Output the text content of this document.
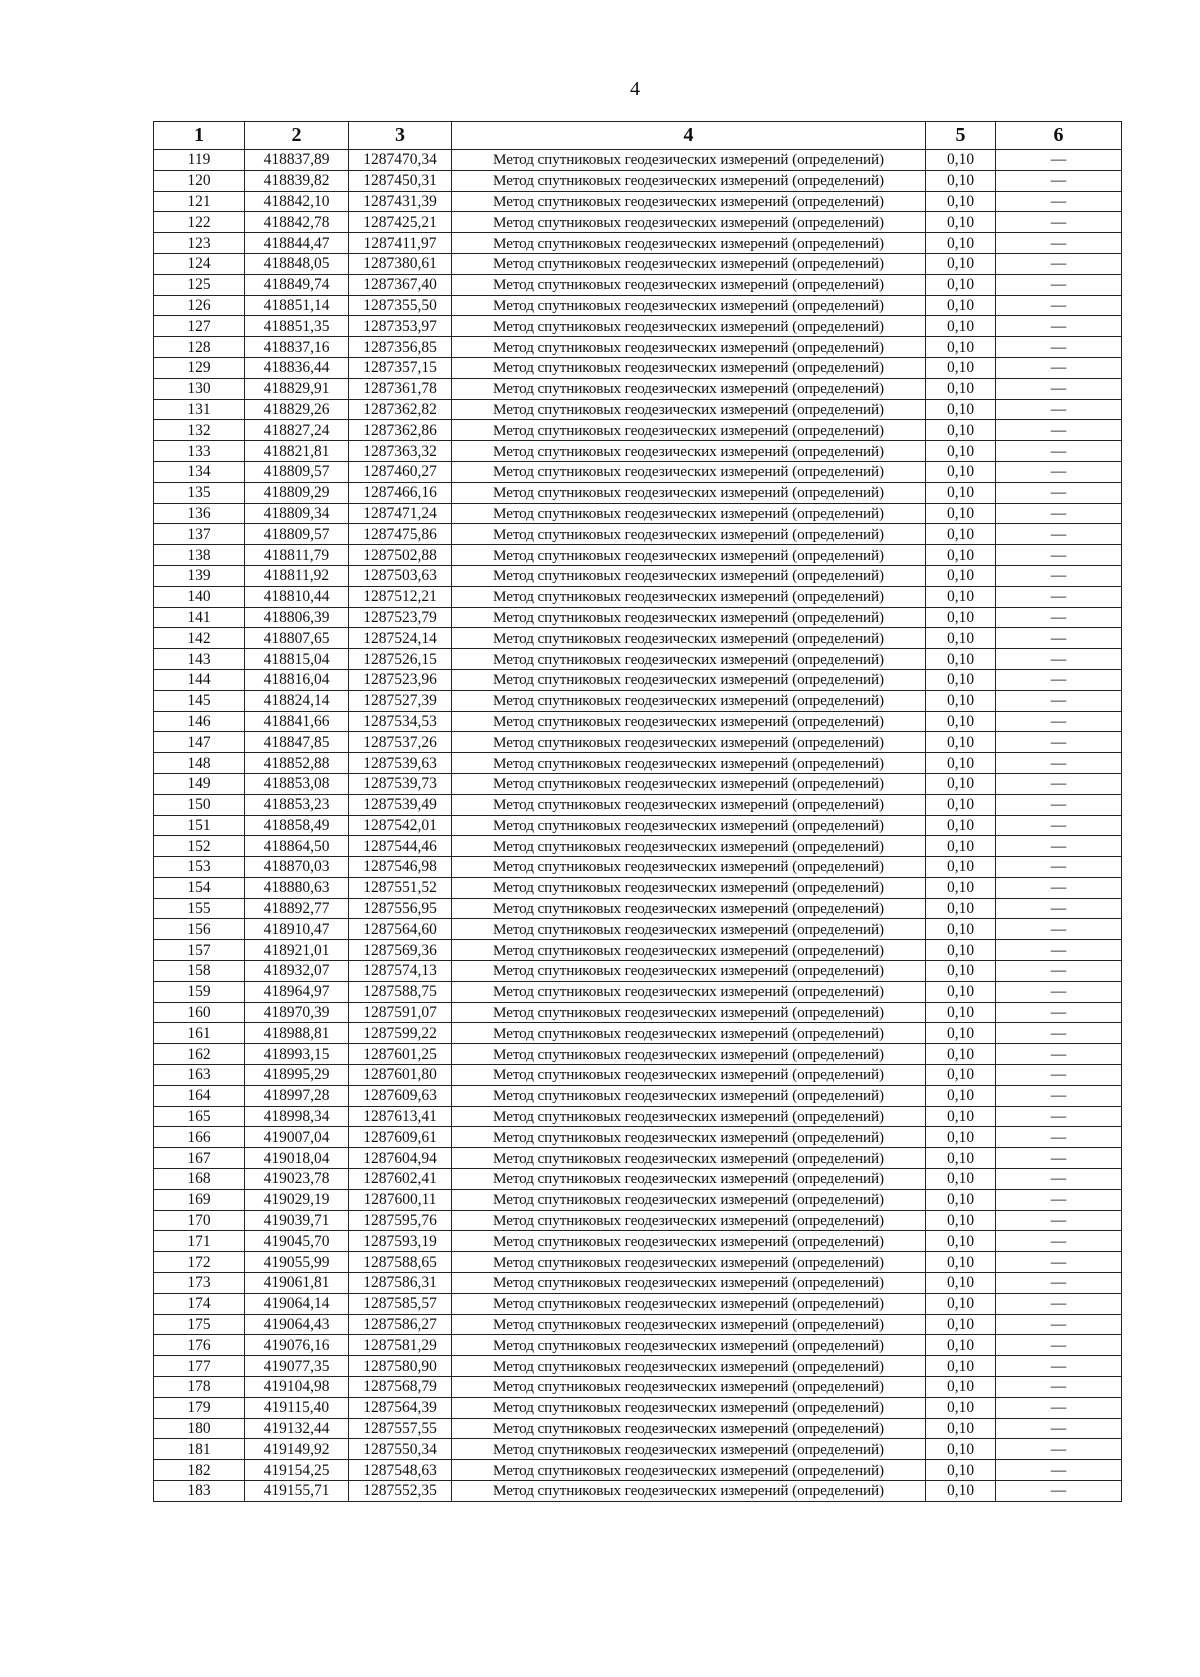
4
1	2	3	4	5	6
119	418837,89	1287470,34	Метод спутниковых геодезических измерений (определений)	0,10	—
120	418839,82	1287450,31	Метод спутниковых геодезических измерений (определений)	0,10	—
121	418842,10	1287431,39	Метод спутниковых геодезических измерений (определений)	0,10	—
122	418842,78	1287425,21	Метод спутниковых геодезических измерений (определений)	0,10	—
123	418844,47	1287411,97	Метод спутниковых геодезических измерений (определений)	0,10	—
124	418848,05	1287380,61	Метод спутниковых геодезических измерений (определений)	0,10	—
125	418849,74	1287367,40	Метод спутниковых геодезических измерений (определений)	0,10	—
126	418851,14	1287355,50	Метод спутниковых геодезических измерений (определений)	0,10	—
127	418851,35	1287353,97	Метод спутниковых геодезических измерений (определений)	0,10	—
128	418837,16	1287356,85	Метод спутниковых геодезических измерений (определений)	0,10	—
129	418836,44	1287357,15	Метод спутниковых геодезических измерений (определений)	0,10	—
130	418829,91	1287361,78	Метод спутниковых геодезических измерений (определений)	0,10	—
131	418829,26	1287362,82	Метод спутниковых геодезических измерений (определений)	0,10	—
132	418827,24	1287362,86	Метод спутниковых геодезических измерений (определений)	0,10	—
133	418821,81	1287363,32	Метод спутниковых геодезических измерений (определений)	0,10	—
134	418809,57	1287460,27	Метод спутниковых геодезических измерений (определений)	0,10	—
135	418809,29	1287466,16	Метод спутниковых геодезических измерений (определений)	0,10	—
136	418809,34	1287471,24	Метод спутниковых геодезических измерений (определений)	0,10	—
137	418809,57	1287475,86	Метод спутниковых геодезических измерений (определений)	0,10	—
138	418811,79	1287502,88	Метод спутниковых геодезических измерений (определений)	0,10	—
139	418811,92	1287503,63	Метод спутниковых геодезических измерений (определений)	0,10	—
140	418810,44	1287512,21	Метод спутниковых геодезических измерений (определений)	0,10	—
141	418806,39	1287523,79	Метод спутниковых геодезических измерений (определений)	0,10	—
142	418807,65	1287524,14	Метод спутниковых геодезических измерений (определений)	0,10	—
143	418815,04	1287526,15	Метод спутниковых геодезических измерений (определений)	0,10	—
144	418816,04	1287523,96	Метод спутниковых геодезических измерений (определений)	0,10	—
145	418824,14	1287527,39	Метод спутниковых геодезических измерений (определений)	0,10	—
146	418841,66	1287534,53	Метод спутниковых геодезических измерений (определений)	0,10	—
147	418847,85	1287537,26	Метод спутниковых геодезических измерений (определений)	0,10	—
148	418852,88	1287539,63	Метод спутниковых геодезических измерений (определений)	0,10	—
149	418853,08	1287539,73	Метод спутниковых геодезических измерений (определений)	0,10	—
150	418853,23	1287539,49	Метод спутниковых геодезических измерений (определений)	0,10	—
151	418858,49	1287542,01	Метод спутниковых геодезических измерений (определений)	0,10	—
152	418864,50	1287544,46	Метод спутниковых геодезических измерений (определений)	0,10	—
153	418870,03	1287546,98	Метод спутниковых геодезических измерений (определений)	0,10	—
154	418880,63	1287551,52	Метод спутниковых геодезических измерений (определений)	0,10	—
155	418892,77	1287556,95	Метод спутниковых геодезических измерений (определений)	0,10	—
156	418910,47	1287564,60	Метод спутниковых геодезических измерений (определений)	0,10	—
157	418921,01	1287569,36	Метод спутниковых геодезических измерений (определений)	0,10	—
158	418932,07	1287574,13	Метод спутниковых геодезических измерений (определений)	0,10	—
159	418964,97	1287588,75	Метод спутниковых геодезических измерений (определений)	0,10	—
160	418970,39	1287591,07	Метод спутниковых геодезических измерений (определений)	0,10	—
161	418988,81	1287599,22	Метод спутниковых геодезических измерений (определений)	0,10	—
162	418993,15	1287601,25	Метод спутниковых геодезических измерений (определений)	0,10	—
163	418995,29	1287601,80	Метод спутниковых геодезических измерений (определений)	0,10	—
164	418997,28	1287609,63	Метод спутниковых геодезических измерений (определений)	0,10	—
165	418998,34	1287613,41	Метод спутниковых геодезических измерений (определений)	0,10	—
166	419007,04	1287609,61	Метод спутниковых геодезических измерений (определений)	0,10	—
167	419018,04	1287604,94	Метод спутниковых геодезических измерений (определений)	0,10	—
168	419023,78	1287602,41	Метод спутниковых геодезических измерений (определений)	0,10	—
169	419029,19	1287600,11	Метод спутниковых геодезических измерений (определений)	0,10	—
170	419039,71	1287595,76	Метод спутниковых геодезических измерений (определений)	0,10	—
171	419045,70	1287593,19	Метод спутниковых геодезических измерений (определений)	0,10	—
172	419055,99	1287588,65	Метод спутниковых геодезических измерений (определений)	0,10	—
173	419061,81	1287586,31	Метод спутниковых геодезических измерений (определений)	0,10	—
174	419064,14	1287585,57	Метод спутниковых геодезических измерений (определений)	0,10	—
175	419064,43	1287586,27	Метод спутниковых геодезических измерений (определений)	0,10	—
176	419076,16	1287581,29	Метод спутниковых геодезических измерений (определений)	0,10	—
177	419077,35	1287580,90	Метод спутниковых геодезических измерений (определений)	0,10	—
178	419104,98	1287568,79	Метод спутниковых геодезических измерений (определений)	0,10	—
179	419115,40	1287564,39	Метод спутниковых геодезических измерений (определений)	0,10	—
180	419132,44	1287557,55	Метод спутниковых геодезических измерений (определений)	0,10	—
181	419149,92	1287550,34	Метод спутниковых геодезических измерений (определений)	0,10	—
182	419154,25	1287548,63	Метод спутниковых геодезических измерений (определений)	0,10	—
183	419155,71	1287552,35	Метод спутниковых геодезических измерений (определений)	0,10	—
